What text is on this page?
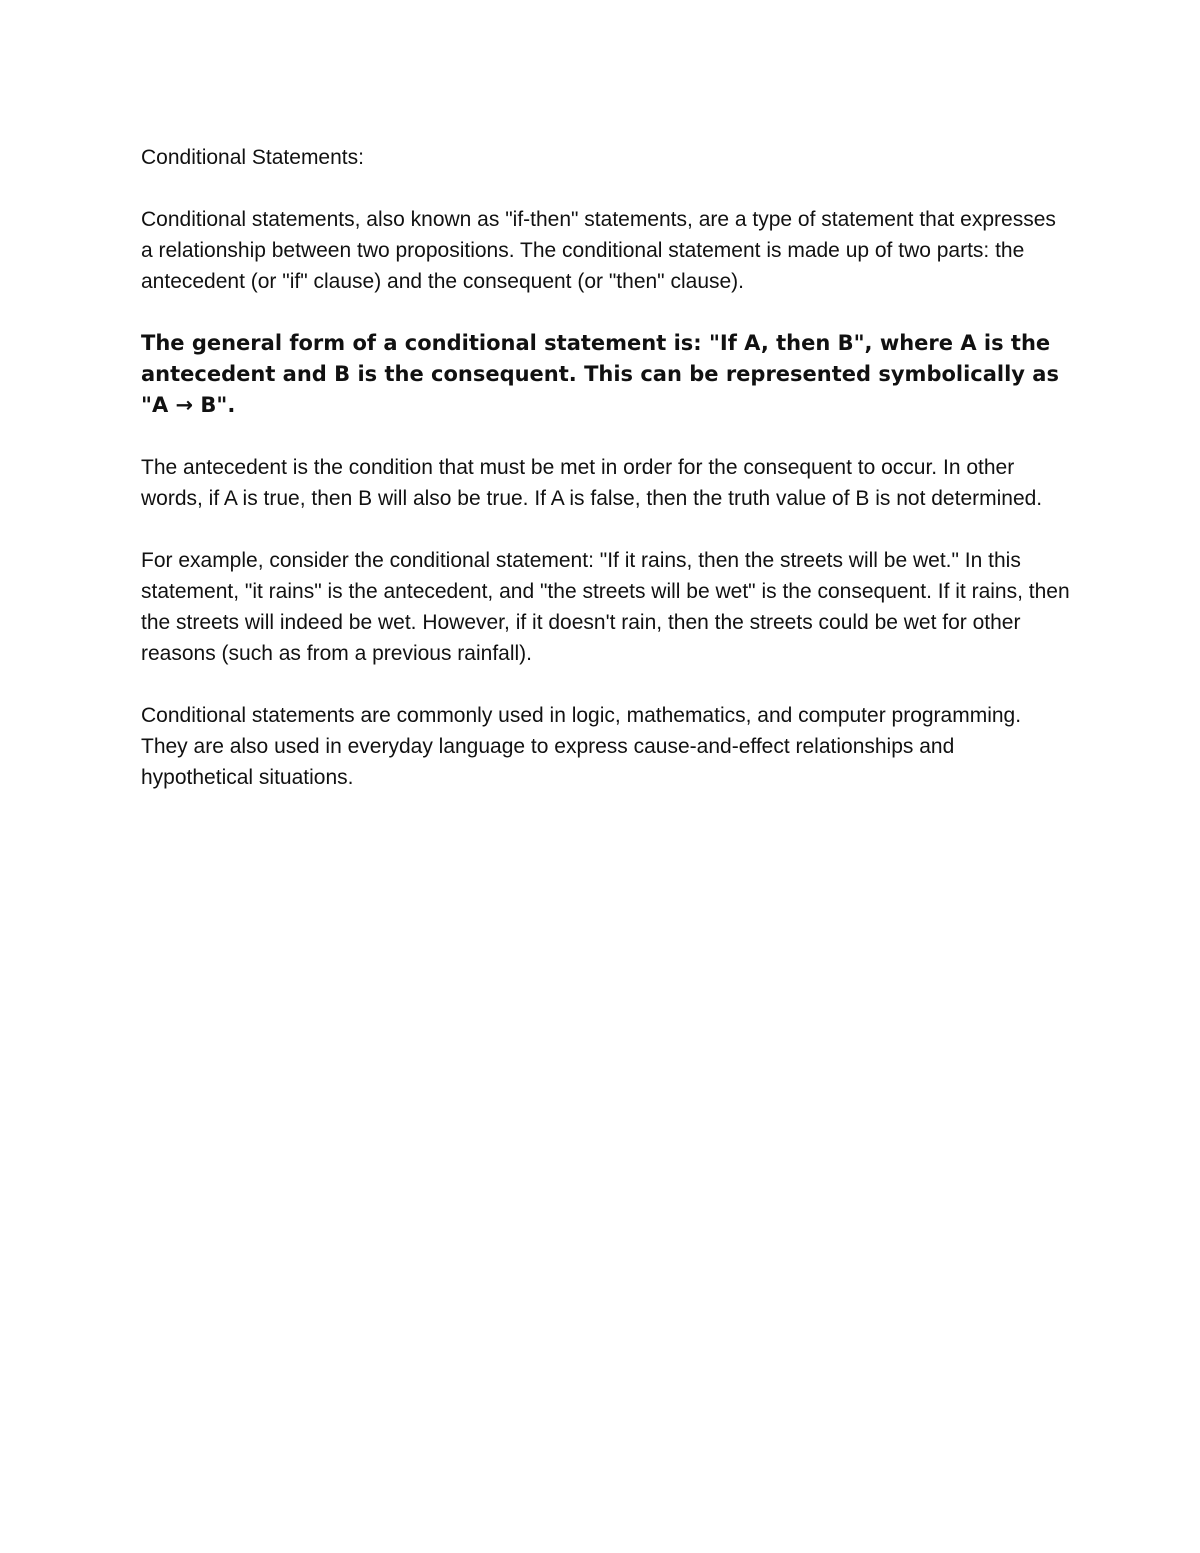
Conditional Statements:

Conditional statements, also known as "if-then" statements, are a type of statement that expresses a relationship between two propositions. The conditional statement is made up of two parts: the antecedent (or "if" clause) and the consequent (or "then" clause).

The general form of a conditional statement is: "If A, then B", where A is the antecedent and B is the consequent. This can be represented symbolically as "A → B".

The antecedent is the condition that must be met in order for the consequent to occur. In other words, if A is true, then B will also be true. If A is false, then the truth value of B is not determined.

For example, consider the conditional statement: "If it rains, then the streets will be wet." In this statement, "it rains" is the antecedent, and "the streets will be wet" is the consequent. If it rains, then the streets will indeed be wet. However, if it doesn't rain, then the streets could be wet for other reasons (such as from a previous rainfall).

Conditional statements are commonly used in logic, mathematics, and computer programming. They are also used in everyday language to express cause-and-effect relationships and hypothetical situations.
